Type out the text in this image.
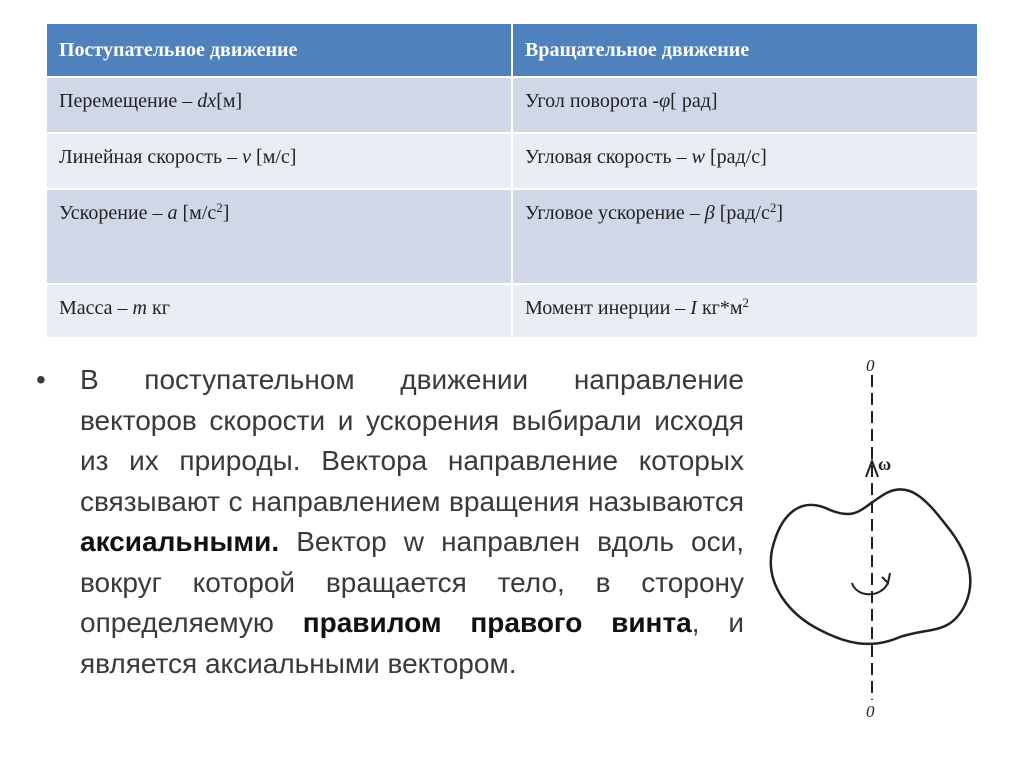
Поступательное движение	Вращательное движение
Перемещение – dx[м]	Угол поворота -φ[ рад]
Линейная скорость – v [м/с]	Угловая скорость – w [рад/с]
Ускорение – a $[м/с^2]$	Угловое ускорение – β $[рад/с^2]$
Масса – m кг	Момент инерции – I $кг*м^2$
•	В поступательном движении направление векторов скорости и ускорения выбирали исходя из их природы. Вектора направление которых связывают с направлением вращения называются аксиальными. Вектор w направлен вдоль оси, вокруг которой вращается тело, в сторону определяемую правилом правого винта, и является аксиальными вектором.
0
ω
0
